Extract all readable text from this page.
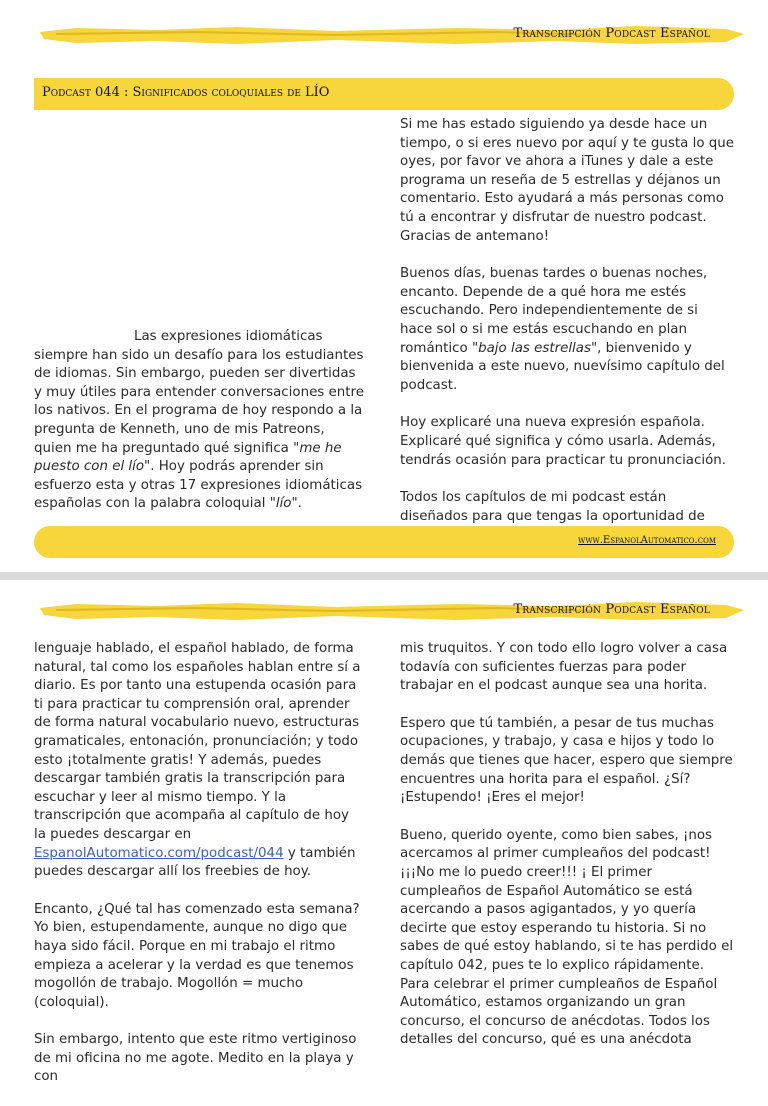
Transcripción Podcast Español
Podcast 044 : Significados coloquiales de LÍO

Las expresiones idiomáticas siempre han sido un desafío para los estudiantes de idiomas. Sin embargo, pueden ser divertidas y muy útiles para entender conversaciones entre los nativos. En el programa de hoy respondo a la pregunta de Kenneth, uno de mis Patreons, quien me ha preguntado qué significa "me he puesto con el lío". Hoy podrás aprender sin esfuerzo esta y otras 17 expresiones idiomáticas españolas con la palabra coloquial "lío".

Si me has estado siguiendo ya desde hace un tiempo, o si eres nuevo por aquí y te gusta lo que oyes, por favor ve ahora a iTunes y dale a este programa un reseña de 5 estrellas y déjanos un comentario. Esto ayudará a más personas como tú a encontrar y disfrutar de nuestro podcast. Gracias de antemano!

Buenos días, buenas tardes o buenas noches, encanto. Depende de a qué hora me estés escuchando. Pero independientemente de si hace sol o si me estás escuchando en plan romántico "bajo las estrellas", bienvenido y bienvenida a este nuevo, nuevísimo capítulo del podcast.

Hoy explicaré una nueva expresión española. Explicaré qué significa y cómo usarla. Además, tendrás ocasión para practicar tu pronunciación.

Todos los capítulos de mi podcast están diseñados para que tengas la oportunidad de

www.EspanolAutomatico.com
Transcripción Podcast Español

lenguaje hablado, el español hablado, de forma natural, tal como los españoles hablan entre sí a diario. Es por tanto una estupenda ocasión para ti para practicar tu comprensión oral, aprender de forma natural vocabulario nuevo, estructuras gramaticales, entonación, pronunciación; y todo esto ¡totalmente gratis! Y además, puedes descargar también gratis la transcripción para escuchar y leer al mismo tiempo. Y la transcripción que acompaña al capítulo de hoy la puedes descargar en EspanolAutomatico.com/podcast/044 y también puedes descargar allí los freebies de hoy.

Encanto, ¿Qué tal has comenzado esta semana? Yo bien, estupendamente, aunque no digo que haya sido fácil. Porque en mi trabajo el ritmo empieza a acelerar y la verdad es que tenemos mogollón de trabajo. Mogollón = mucho (coloquial).

Sin embargo, intento que este ritmo vertiginoso de mi oficina no me agote. Medito en la playa y con

mis truquitos. Y con todo ello logro volver a casa todavía con suficientes fuerzas para poder trabajar en el podcast aunque sea una horita.

Espero que tú también, a pesar de tus muchas ocupaciones, y trabajo, y casa e hijos y todo lo demás que tienes que hacer, espero que siempre encuentres una horita para el español. ¿Sí? ¡Estupendo! ¡Eres el mejor!

Bueno, querido oyente, como bien sabes, ¡nos acercamos al primer cumpleaños del podcast! ¡¡¡No me lo puedo creer!!! ¡ El primer cumpleaños de Español Automático se está acercando a pasos agigantados, y yo quería decirte que estoy esperando tu historia. Si no sabes de qué estoy hablando, si te has perdido el capítulo 042, pues te lo explico rápidamente. Para celebrar el primer cumpleaños de Español Automático, estamos organizando un gran concurso, el concurso de anécdotas. Todos los detalles del concurso, qué es una anécdota
